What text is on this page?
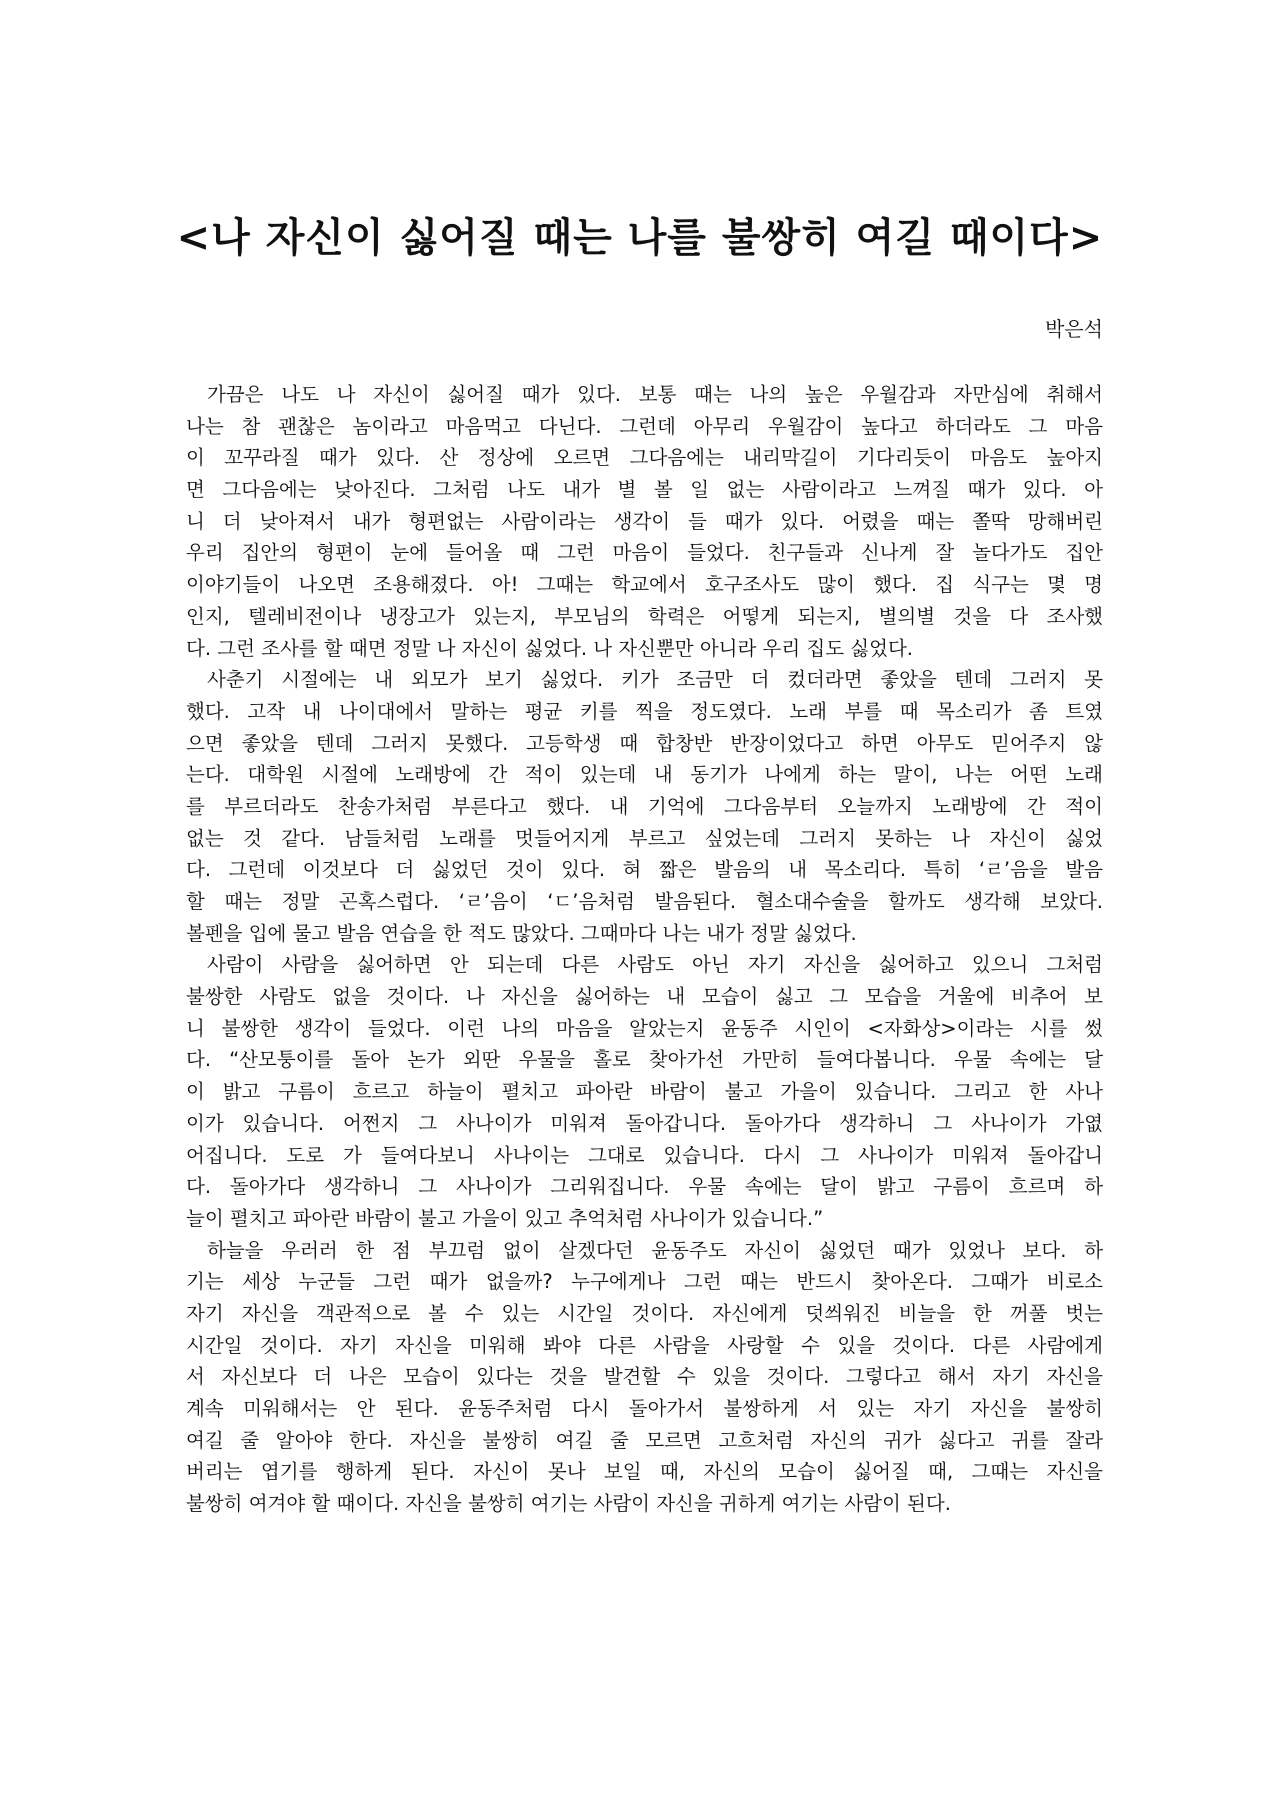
<나 자신이 싫어질 때는 나를 불쌍히 여길 때이다>
박은석
가끔은 나도 나 자신이 싫어질 때가 있다. 보통 때는 나의 높은 우월감과 자만심에 취해서
나는 참 괜찮은 놈이라고 마음먹고 다닌다. 그런데 아무리 우월감이 높다고 하더라도 그 마음
이 꼬꾸라질 때가 있다. 산 정상에 오르면 그다음에는 내리막길이 기다리듯이 마음도 높아지
면 그다음에는 낮아진다. 그처럼 나도 내가 별 볼 일 없는 사람이라고 느껴질 때가 있다. 아
니 더 낮아져서 내가 형편없는 사람이라는 생각이 들 때가 있다. 어렸을 때는 쫄딱 망해버린
우리 집안의 형편이 눈에 들어올 때 그런 마음이 들었다. 친구들과 신나게 잘 놀다가도 집안
이야기들이 나오면 조용해졌다. 아! 그때는 학교에서 호구조사도 많이 했다. 집 식구는 몇 명
인지, 텔레비전이나 냉장고가 있는지, 부모님의 학력은 어떻게 되는지, 별의별 것을 다 조사했
다. 그런 조사를 할 때면 정말 나 자신이 싫었다. 나 자신뿐만 아니라 우리 집도 싫었다.
사춘기 시절에는 내 외모가 보기 싫었다. 키가 조금만 더 컸더라면 좋았을 텐데 그러지 못
했다. 고작 내 나이대에서 말하는 평균 키를 찍을 정도였다. 노래 부를 때 목소리가 좀 트였
으면 좋았을 텐데 그러지 못했다. 고등학생 때 합창반 반장이었다고 하면 아무도 믿어주지 않
는다. 대학원 시절에 노래방에 간 적이 있는데 내 동기가 나에게 하는 말이, 나는 어떤 노래
를 부르더라도 찬송가처럼 부른다고 했다. 내 기억에 그다음부터 오늘까지 노래방에 간 적이
없는 것 같다. 남들처럼 노래를 멋들어지게 부르고 싶었는데 그러지 못하는 나 자신이 싫었
다. 그런데 이것보다 더 싫었던 것이 있다. 혀 짧은 발음의 내 목소리다. 특히 ‘ㄹ’음을 발음
할 때는 정말 곤혹스럽다. ‘ㄹ’음이 ‘ㄷ’음처럼 발음된다. 혈소대수술을 할까도 생각해 보았다.
볼펜을 입에 물고 발음 연습을 한 적도 많았다. 그때마다 나는 내가 정말 싫었다.
사람이 사람을 싫어하면 안 되는데 다른 사람도 아닌 자기 자신을 싫어하고 있으니 그처럼
불쌍한 사람도 없을 것이다. 나 자신을 싫어하는 내 모습이 싫고 그 모습을 거울에 비추어 보
니 불쌍한 생각이 들었다. 이런 나의 마음을 알았는지 윤동주 시인이 <자화상>이라는 시를 썼
다. “산모퉁이를 돌아 논가 외딴 우물을 홀로 찾아가선 가만히 들여다봅니다. 우물 속에는 달
이 밝고 구름이 흐르고 하늘이 펼치고 파아란 바람이 불고 가을이 있습니다. 그리고 한 사나
이가 있습니다. 어쩐지 그 사나이가 미워져 돌아갑니다. 돌아가다 생각하니 그 사나이가 가엾
어집니다. 도로 가 들여다보니 사나이는 그대로 있습니다. 다시 그 사나이가 미워져 돌아갑니
다. 돌아가다 생각하니 그 사나이가 그리워집니다. 우물 속에는 달이 밝고 구름이 흐르며 하
늘이 펼치고 파아란 바람이 불고 가을이 있고 추억처럼 사나이가 있습니다.”
하늘을 우러러 한 점 부끄럼 없이 살겠다던 윤동주도 자신이 싫었던 때가 있었나 보다. 하
기는 세상 누군들 그런 때가 없을까? 누구에게나 그런 때는 반드시 찾아온다. 그때가 비로소
자기 자신을 객관적으로 볼 수 있는 시간일 것이다. 자신에게 덧씌워진 비늘을 한 꺼풀 벗는
시간일 것이다. 자기 자신을 미워해 봐야 다른 사람을 사랑할 수 있을 것이다. 다른 사람에게
서 자신보다 더 나은 모습이 있다는 것을 발견할 수 있을 것이다. 그렇다고 해서 자기 자신을
계속 미워해서는 안 된다. 윤동주처럼 다시 돌아가서 불쌍하게 서 있는 자기 자신을 불쌍히
여길 줄 알아야 한다. 자신을 불쌍히 여길 줄 모르면 고흐처럼 자신의 귀가 싫다고 귀를 잘라
버리는 엽기를 행하게 된다. 자신이 못나 보일 때, 자신의 모습이 싫어질 때, 그때는 자신을
불쌍히 여겨야 할 때이다. 자신을 불쌍히 여기는 사람이 자신을 귀하게 여기는 사람이 된다.
